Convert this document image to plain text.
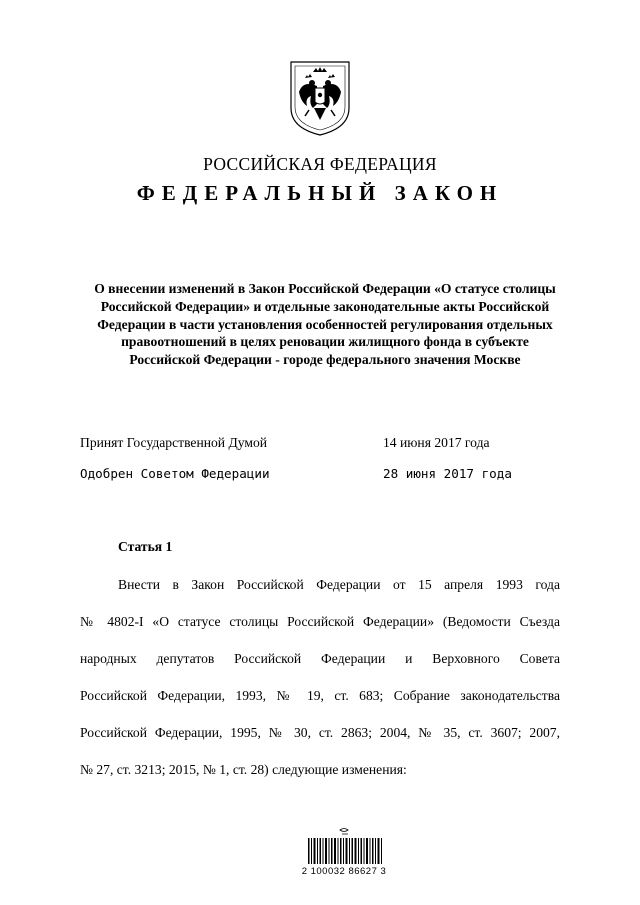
РОССИЙСКАЯ ФЕДЕРАЦИЯ
ФЕДЕРАЛЬНЫЙ ЗАКОН
О внесении изменений в Закон Российской Федерации «О статусе столицы Российской Федерации» и отдельные законодательные акты Российской Федерации в части установления особенностей регулирования отдельных правоотношений в целях реновации жилищного фонда в субъекте Российской Федерации - городе федерального значения Москве
Принят Государственной Думой	14 июня 2017 года
Одобрен Советом Федерации	28 июня 2017 года
Статья 1
Внести в Закон Российской Федерации от 15 апреля 1993 года
№ 4802-I «О статусе столицы Российской Федерации» (Ведомости Съезда
народных депутатов Российской Федерации и Верховного Совета
Российской Федерации, 1993, № 19, ст. 683; Собрание законодательства
Российской Федерации, 1995, № 30, ст. 2863; 2004, № 35, ст. 3607; 2007,
№ 27, ст. 3213; 2015, № 1, ст. 28) следующие изменения:
2 100032 86627 3
